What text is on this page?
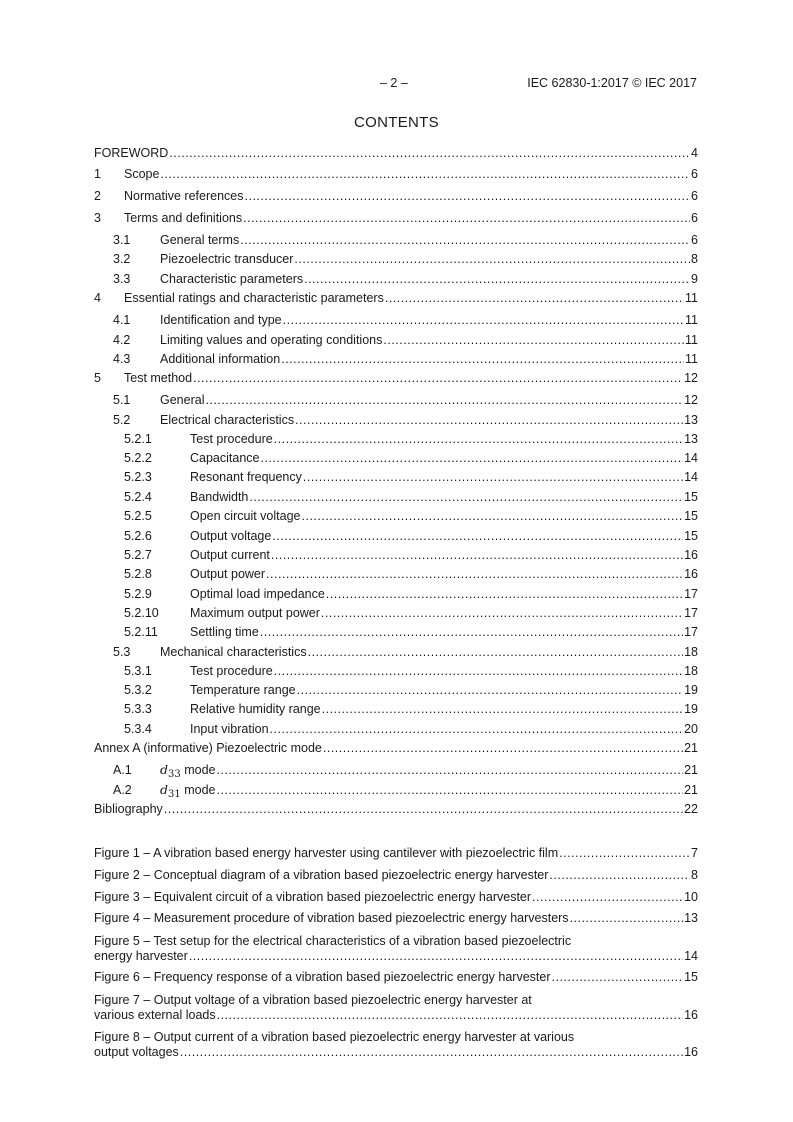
– 2 –	IEC 62830-1:2017 © IEC 2017
CONTENTS
FOREWORD .....	4
1	Scope .....	6
2	Normative references .....	6
3	Terms and definitions .....	6
3.1	General terms .....	6
3.2	Piezoelectric transducer .....	8
3.3	Characteristic parameters .....	9
4	Essential ratings and characteristic parameters .....	11
4.1	Identification and type .....	11
4.2	Limiting values and operating conditions .....	11
4.3	Additional information .....	11
5	Test method .....	12
5.1	General .....	12
5.2	Electrical characteristics .....	13
5.2.1	Test procedure .....	13
5.2.2	Capacitance .....	14
5.2.3	Resonant frequency .....	14
5.2.4	Bandwidth .....	15
5.2.5	Open circuit voltage .....	15
5.2.6	Output voltage .....	15
5.2.7	Output current .....	16
5.2.8	Output power .....	16
5.2.9	Optimal load impedance .....	17
5.2.10	Maximum output power .....	17
5.2.11	Settling time .....	17
5.3	Mechanical characteristics .....	18
5.3.1	Test procedure .....	18
5.3.2	Temperature range .....	19
5.3.3	Relative humidity range .....	19
5.3.4	Input vibration .....	20
Annex A (informative) Piezoelectric mode .....	21
A.1	$d_{33}$ mode .....	21
A.2	$d_{31}$ mode .....	21
Bibliography .....	22
Figure 1 – A vibration based energy harvester using cantilever with piezoelectric film .....	7
Figure 2 – Conceptual diagram of a vibration based piezoelectric energy harvester .....	8
Figure 3 – Equivalent circuit of a vibration based piezoelectric energy harvester .....	10
Figure 4 – Measurement procedure of vibration based piezoelectric energy harvesters .....	13
Figure 5 – Test setup for the electrical characteristics of a vibration based piezoelectric
energy harvester .....	14
Figure 6 – Frequency response of a vibration based piezoelectric energy harvester .....	15
Figure 7 – Output voltage of a vibration based piezoelectric energy harvester at
various external loads .....	16
Figure 8 – Output current of a vibration based piezoelectric energy harvester at various
output voltages .....	16
